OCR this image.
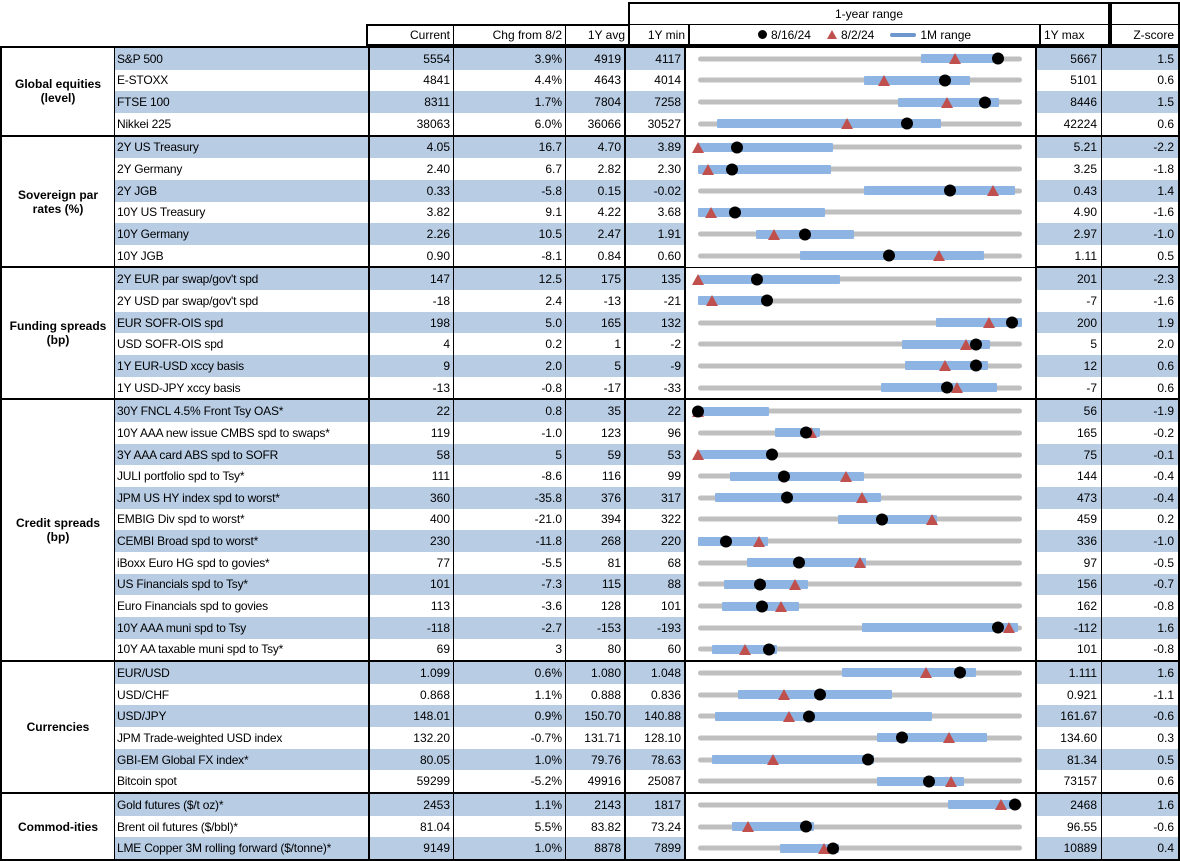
Current	Chg from 8/2	1Y avg
1-year range
1Y min	8/16/24	8/2/24	1M range	1Y max	Z-score
Global equities (level)
S&P 500	5554	3.9%	4919	4117	5667	1.5
E-STOXX	4841	4.4%	4643	4014	5101	0.6
FTSE 100	8311	1.7%	7804	7258	8446	1.5
Nikkei 225	38063	6.0%	36066	30527	42224	0.6
Sovereign par rates (%)
2Y US Treasury	4.05	16.7	4.70	3.89	5.21	-2.2
2Y Germany	2.40	6.7	2.82	2.30	3.25	-1.8
2Y JGB	0.33	-5.8	0.15	-0.02	0.43	1.4
10Y US Treasury	3.82	9.1	4.22	3.68	4.90	-1.6
10Y Germany	2.26	10.5	2.47	1.91	2.97	-1.0
10Y JGB	0.90	-8.1	0.84	0.60	1.11	0.5
Funding spreads (bp)
2Y EUR par swap/gov't spd	147	12.5	175	135	201	-2.3
2Y USD par swap/gov't spd	-18	2.4	-13	-21	-7	-1.6
EUR SOFR-OIS spd	198	5.0	165	132	200	1.9
USD SOFR-OIS spd	4	0.2	1	-2	5	2.0
1Y EUR-USD xccy basis	9	2.0	5	-9	12	0.6
1Y USD-JPY xccy basis	-13	-0.8	-17	-33	-7	0.6
Credit spreads (bp)
30Y FNCL 4.5% Front Tsy OAS*	22	0.8	35	22	56	-1.9
10Y AAA new issue CMBS spd to swaps*	119	-1.0	123	96	165	-0.2
3Y AAA card ABS spd to SOFR	58	5	59	53	75	-0.1
JULI portfolio spd to Tsy*	111	-8.6	116	99	144	-0.4
JPM US HY index spd to worst*	360	-35.8	376	317	473	-0.4
EMBIG Div spd to worst*	400	-21.0	394	322	459	0.2
CEMBI Broad spd to worst*	230	-11.8	268	220	336	-1.0
iBoxx Euro HG spd to govies*	77	-5.5	81	68	97	-0.5
US Financials spd to Tsy*	101	-7.3	115	88	156	-0.7
Euro Financials spd to govies	113	-3.6	128	101	162	-0.8
10Y AAA muni spd to Tsy	-118	-2.7	-153	-193	-112	1.6
10Y AA taxable muni spd to Tsy*	69	3	80	60	101	-0.8
Currencies
EUR/USD	1.099	0.6%	1.080	1.048	1.111	1.6
USD/CHF	0.868	1.1%	0.888	0.836	0.921	-1.1
USD/JPY	148.01	0.9%	150.70	140.88	161.67	-0.6
JPM Trade-weighted USD index	132.20	-0.7%	131.71	128.10	134.60	0.3
GBI-EM Global FX index*	80.05	1.0%	79.76	78.63	81.34	0.5
Bitcoin spot	59299	-5.2%	49916	25087	73157	0.6
Commod-ities
Gold futures ($/t oz)*	2453	1.1%	2143	1817	2468	1.6
Brent oil futures ($/bbl)*	81.04	5.5%	83.82	73.24	96.55	-0.6
LME Copper 3M rolling forward ($/tonne)*	9149	1.0%	8878	7899	10889	0.4
